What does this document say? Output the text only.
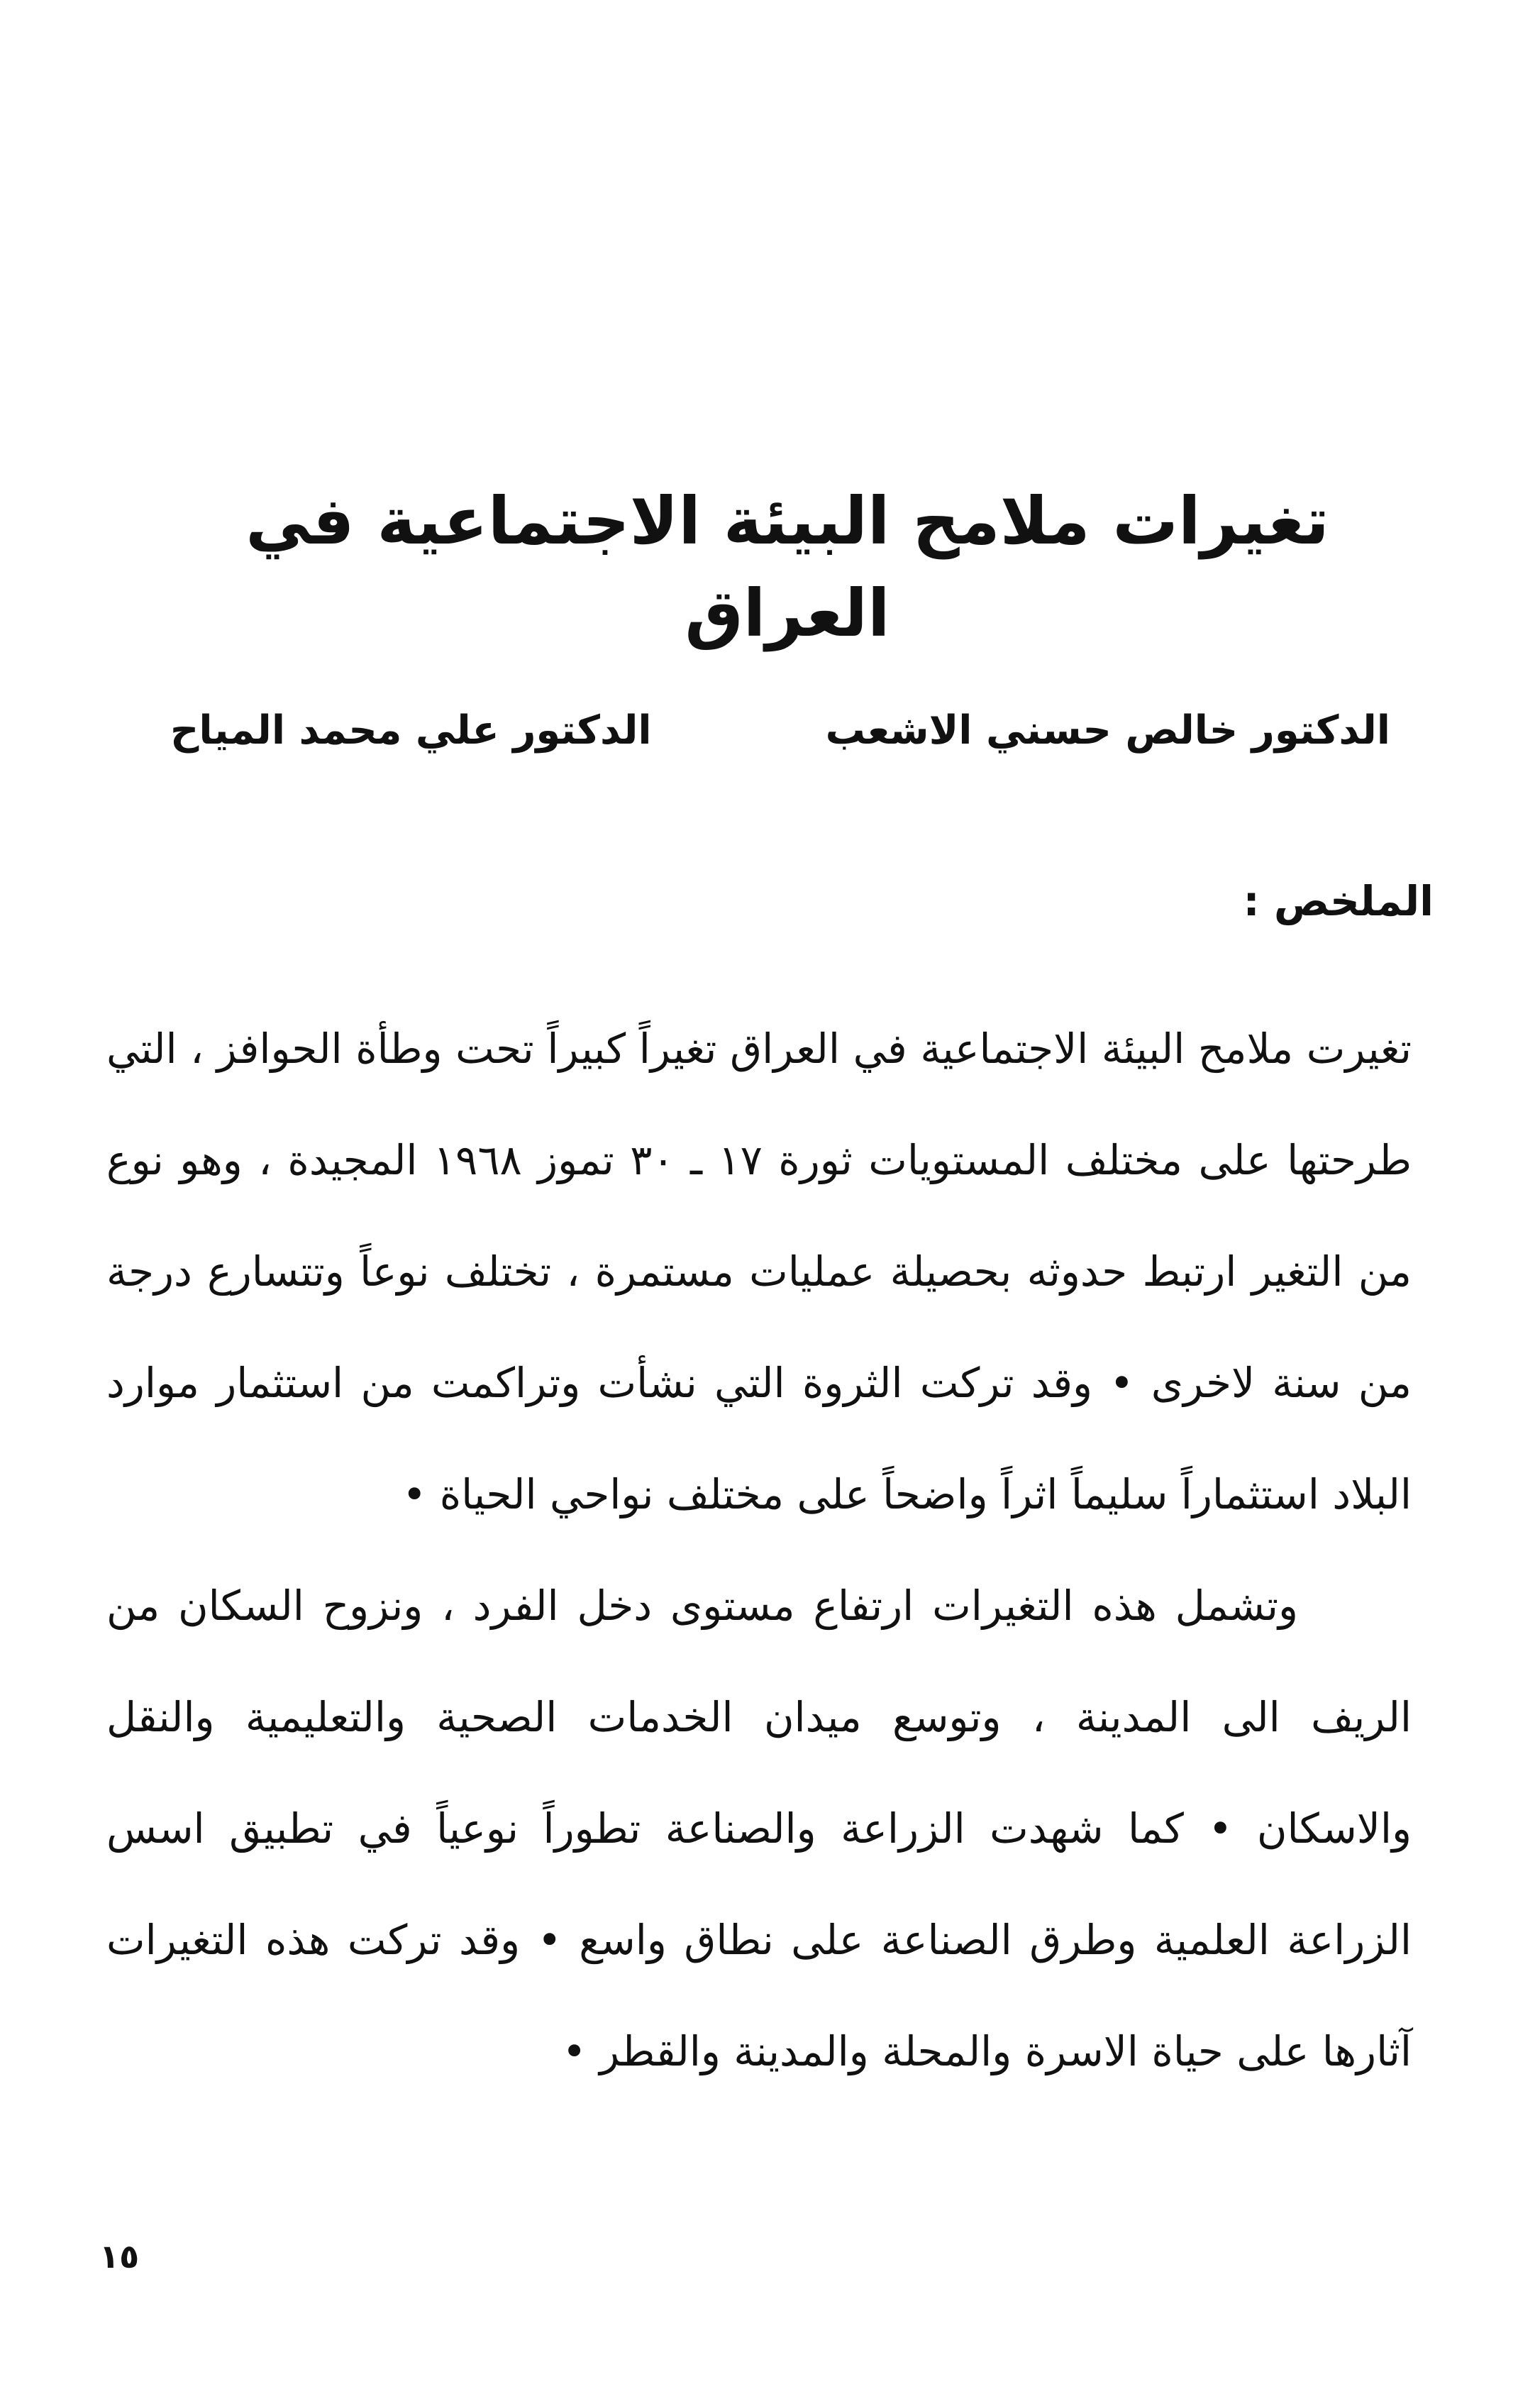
تغيرات ملامح البيئة الاجتماعية في العراق
الدكتور خالص حسني الاشعب
الدكتور علي محمد المياح
الملخص :

تغيرت ملامح البيئة الاجتماعية في العراق تغيراً كبيراً تحت وطأة الحوافز ، التي طرحتها على مختلف المستويات ثورة ١٧ ـ ٣٠ تموز ١٩٦٨ المجيدة ، وهو نوع من التغير ارتبط حدوثه بحصيلة عمليات مستمرة ، تختلف نوعاً وتتسارع درجة من سنة لاخرى • وقد تركت الثروة التي نشأت وتراكمت من استثمار موارد البلاد استثماراً سليماً اثراً واضحاً على مختلف نواحي الحياة •

وتشمل هذه التغيرات ارتفاع مستوى دخل الفرد ، ونزوح السكان من الريف الى المدينة ، وتوسع ميدان الخدمات الصحية والتعليمية والنقل والاسكان • كما شهدت الزراعة والصناعة تطوراً نوعياً في تطبيق اسس الزراعة العلمية وطرق الصناعة على نطاق واسع • وقد تركت هذه التغيرات آثارها على حياة الاسرة والمحلة والمدينة والقطر •

١٥
